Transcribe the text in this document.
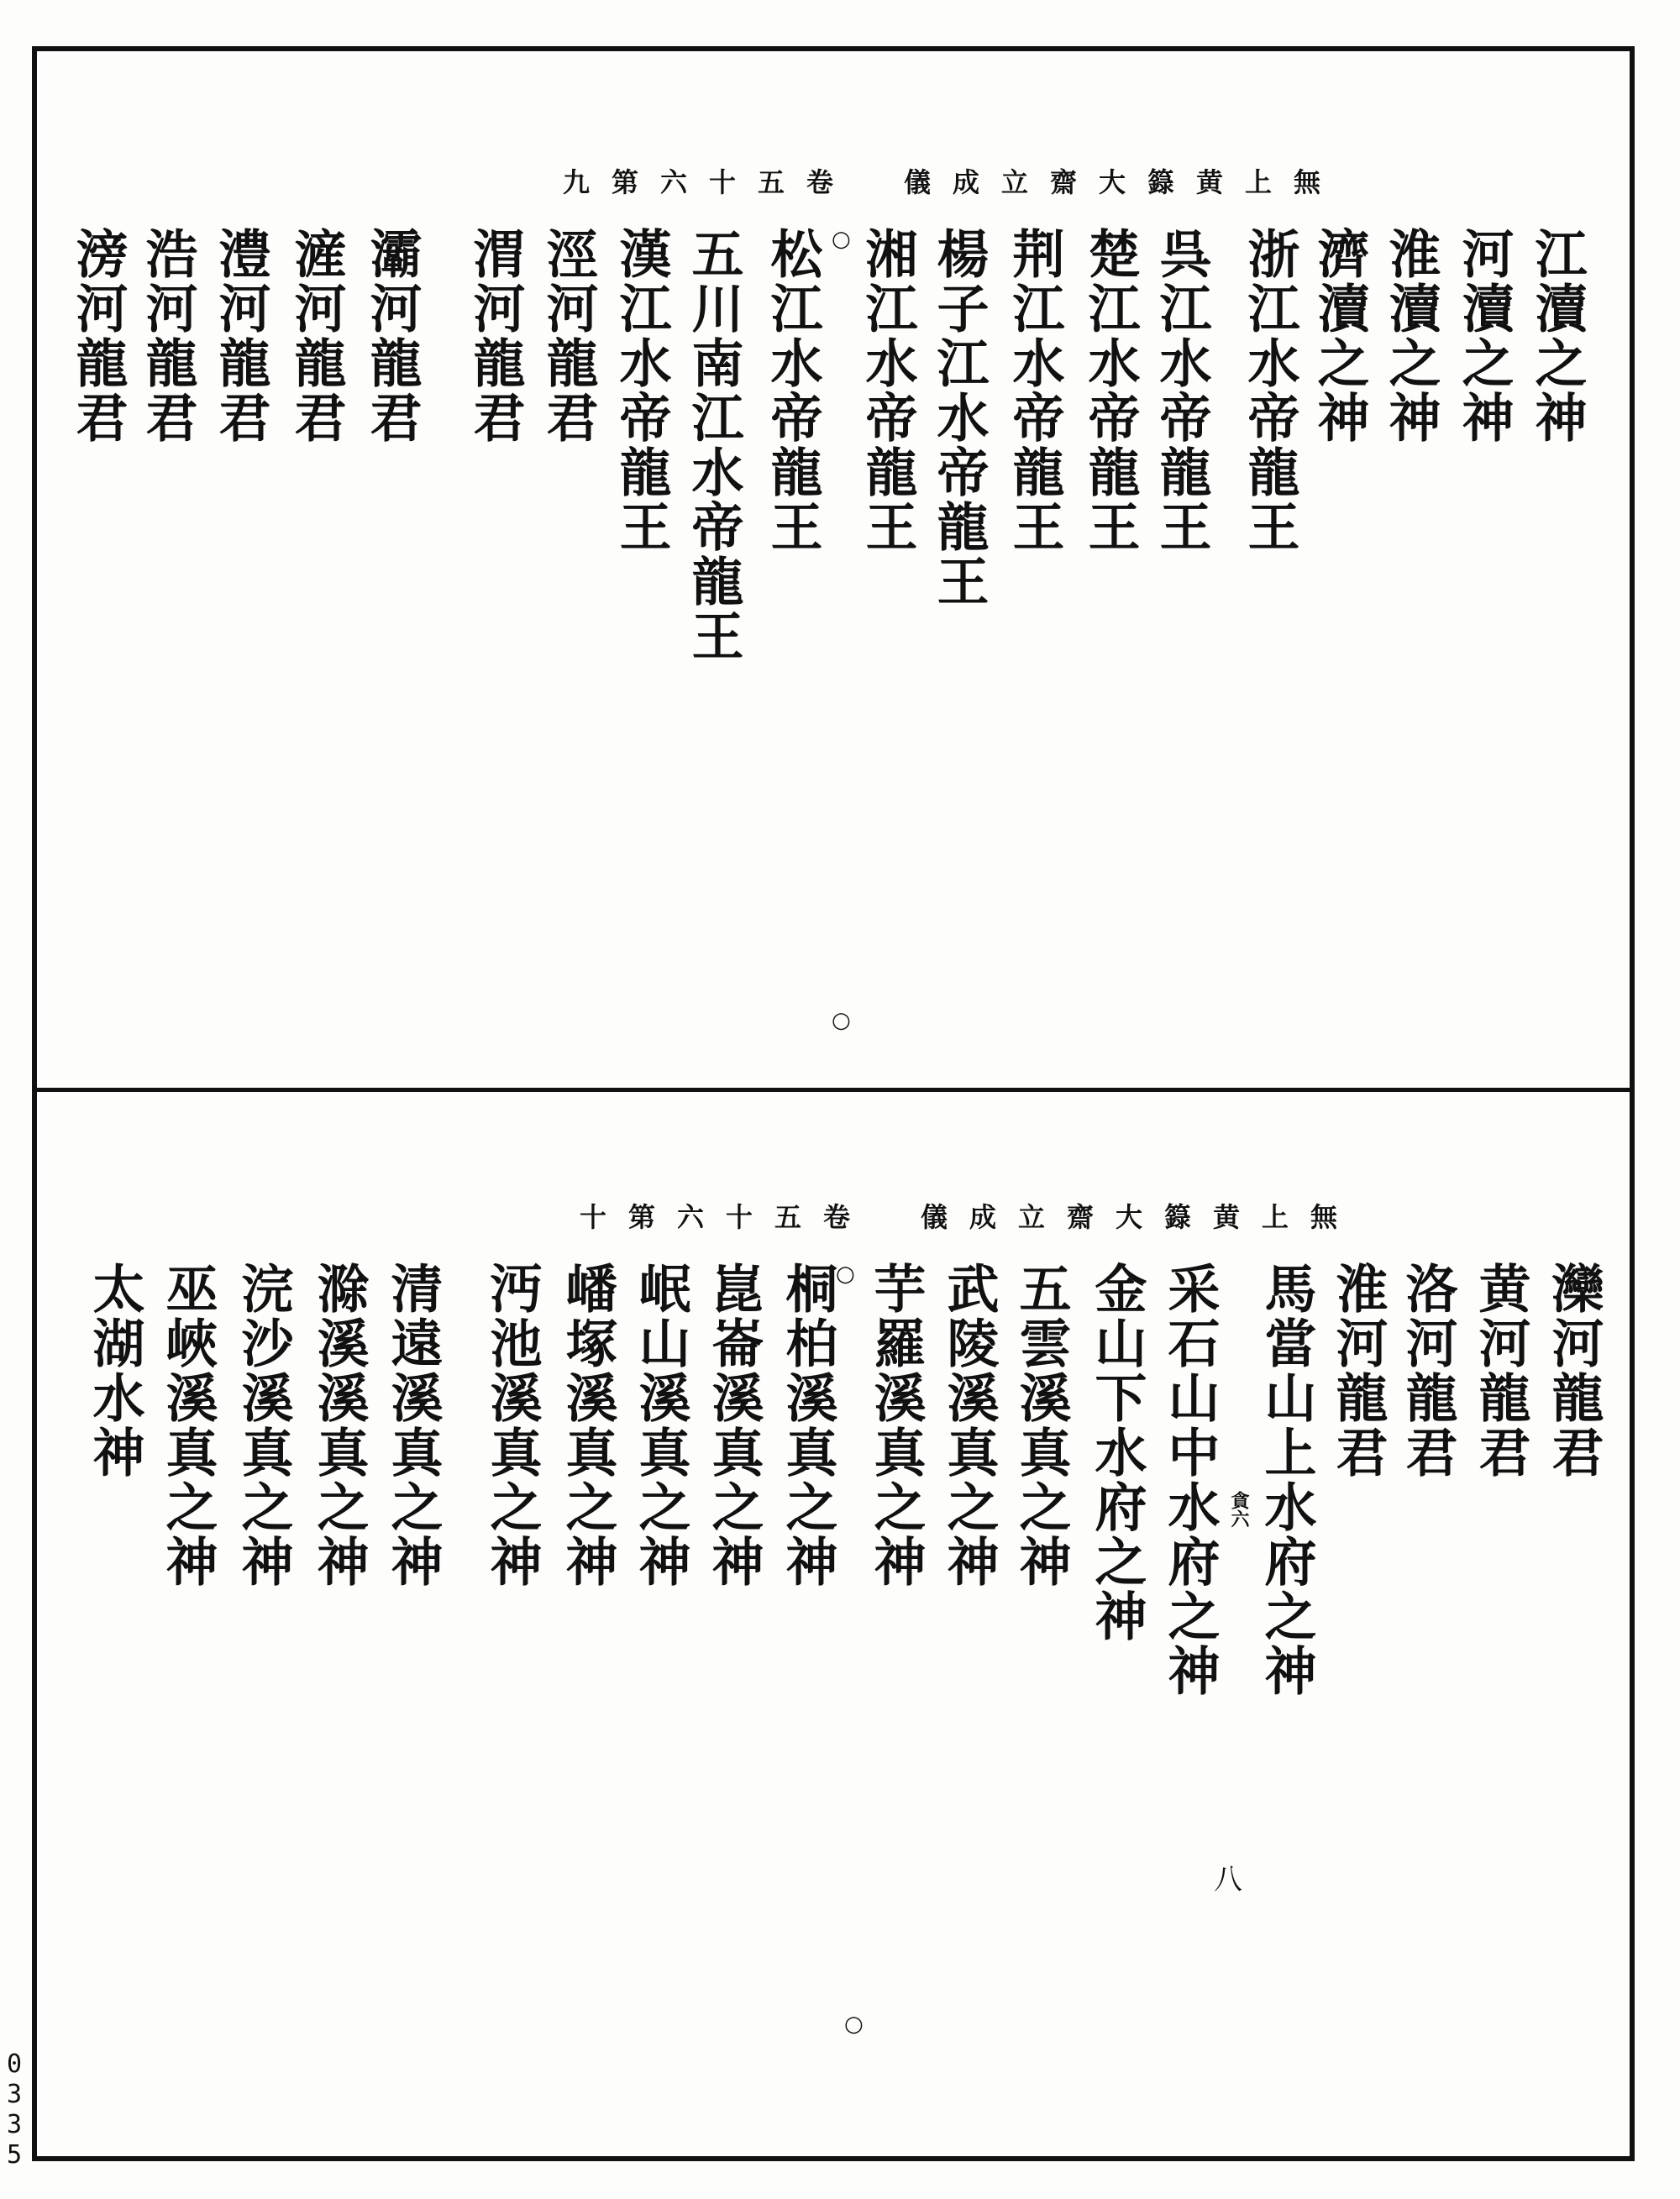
無上黄籙大齋立成儀　卷五十六第九
江瀆之神
河瀆之神
淮瀆之神
濟瀆之神
浙江水帝龍王
呉江水帝龍王
楚江水帝龍王
荆江水帝龍王
楊子江水帝龍王
湘江水帝龍王
松江水帝龍王
五川南江水帝龍王
漢江水帝龍王
涇河龍君
渭河龍君
灞河龍君
滻河龍君
澧河龍君
浩河龍君
滂河龍君	○
○
無上黄籙大齋立成儀　卷五十六第十
灤河龍君
黄河龍君
洛河龍君
淮河龍君
馬當山上水府之神
采石山中水府之神
金山下水府之神
五雲溪真之神
武陵溪真之神
芋羅溪真之神
桐柏溪真之神
崑崙溪真之神
岷山溪真之神
嶓塚溪真之神
沔池溪真之神
清遠溪真之神
滁溪溪真之神
浣沙溪真之神
巫峽溪真之神
太湖水神
貪六
○
八
○
0
3
3
5
